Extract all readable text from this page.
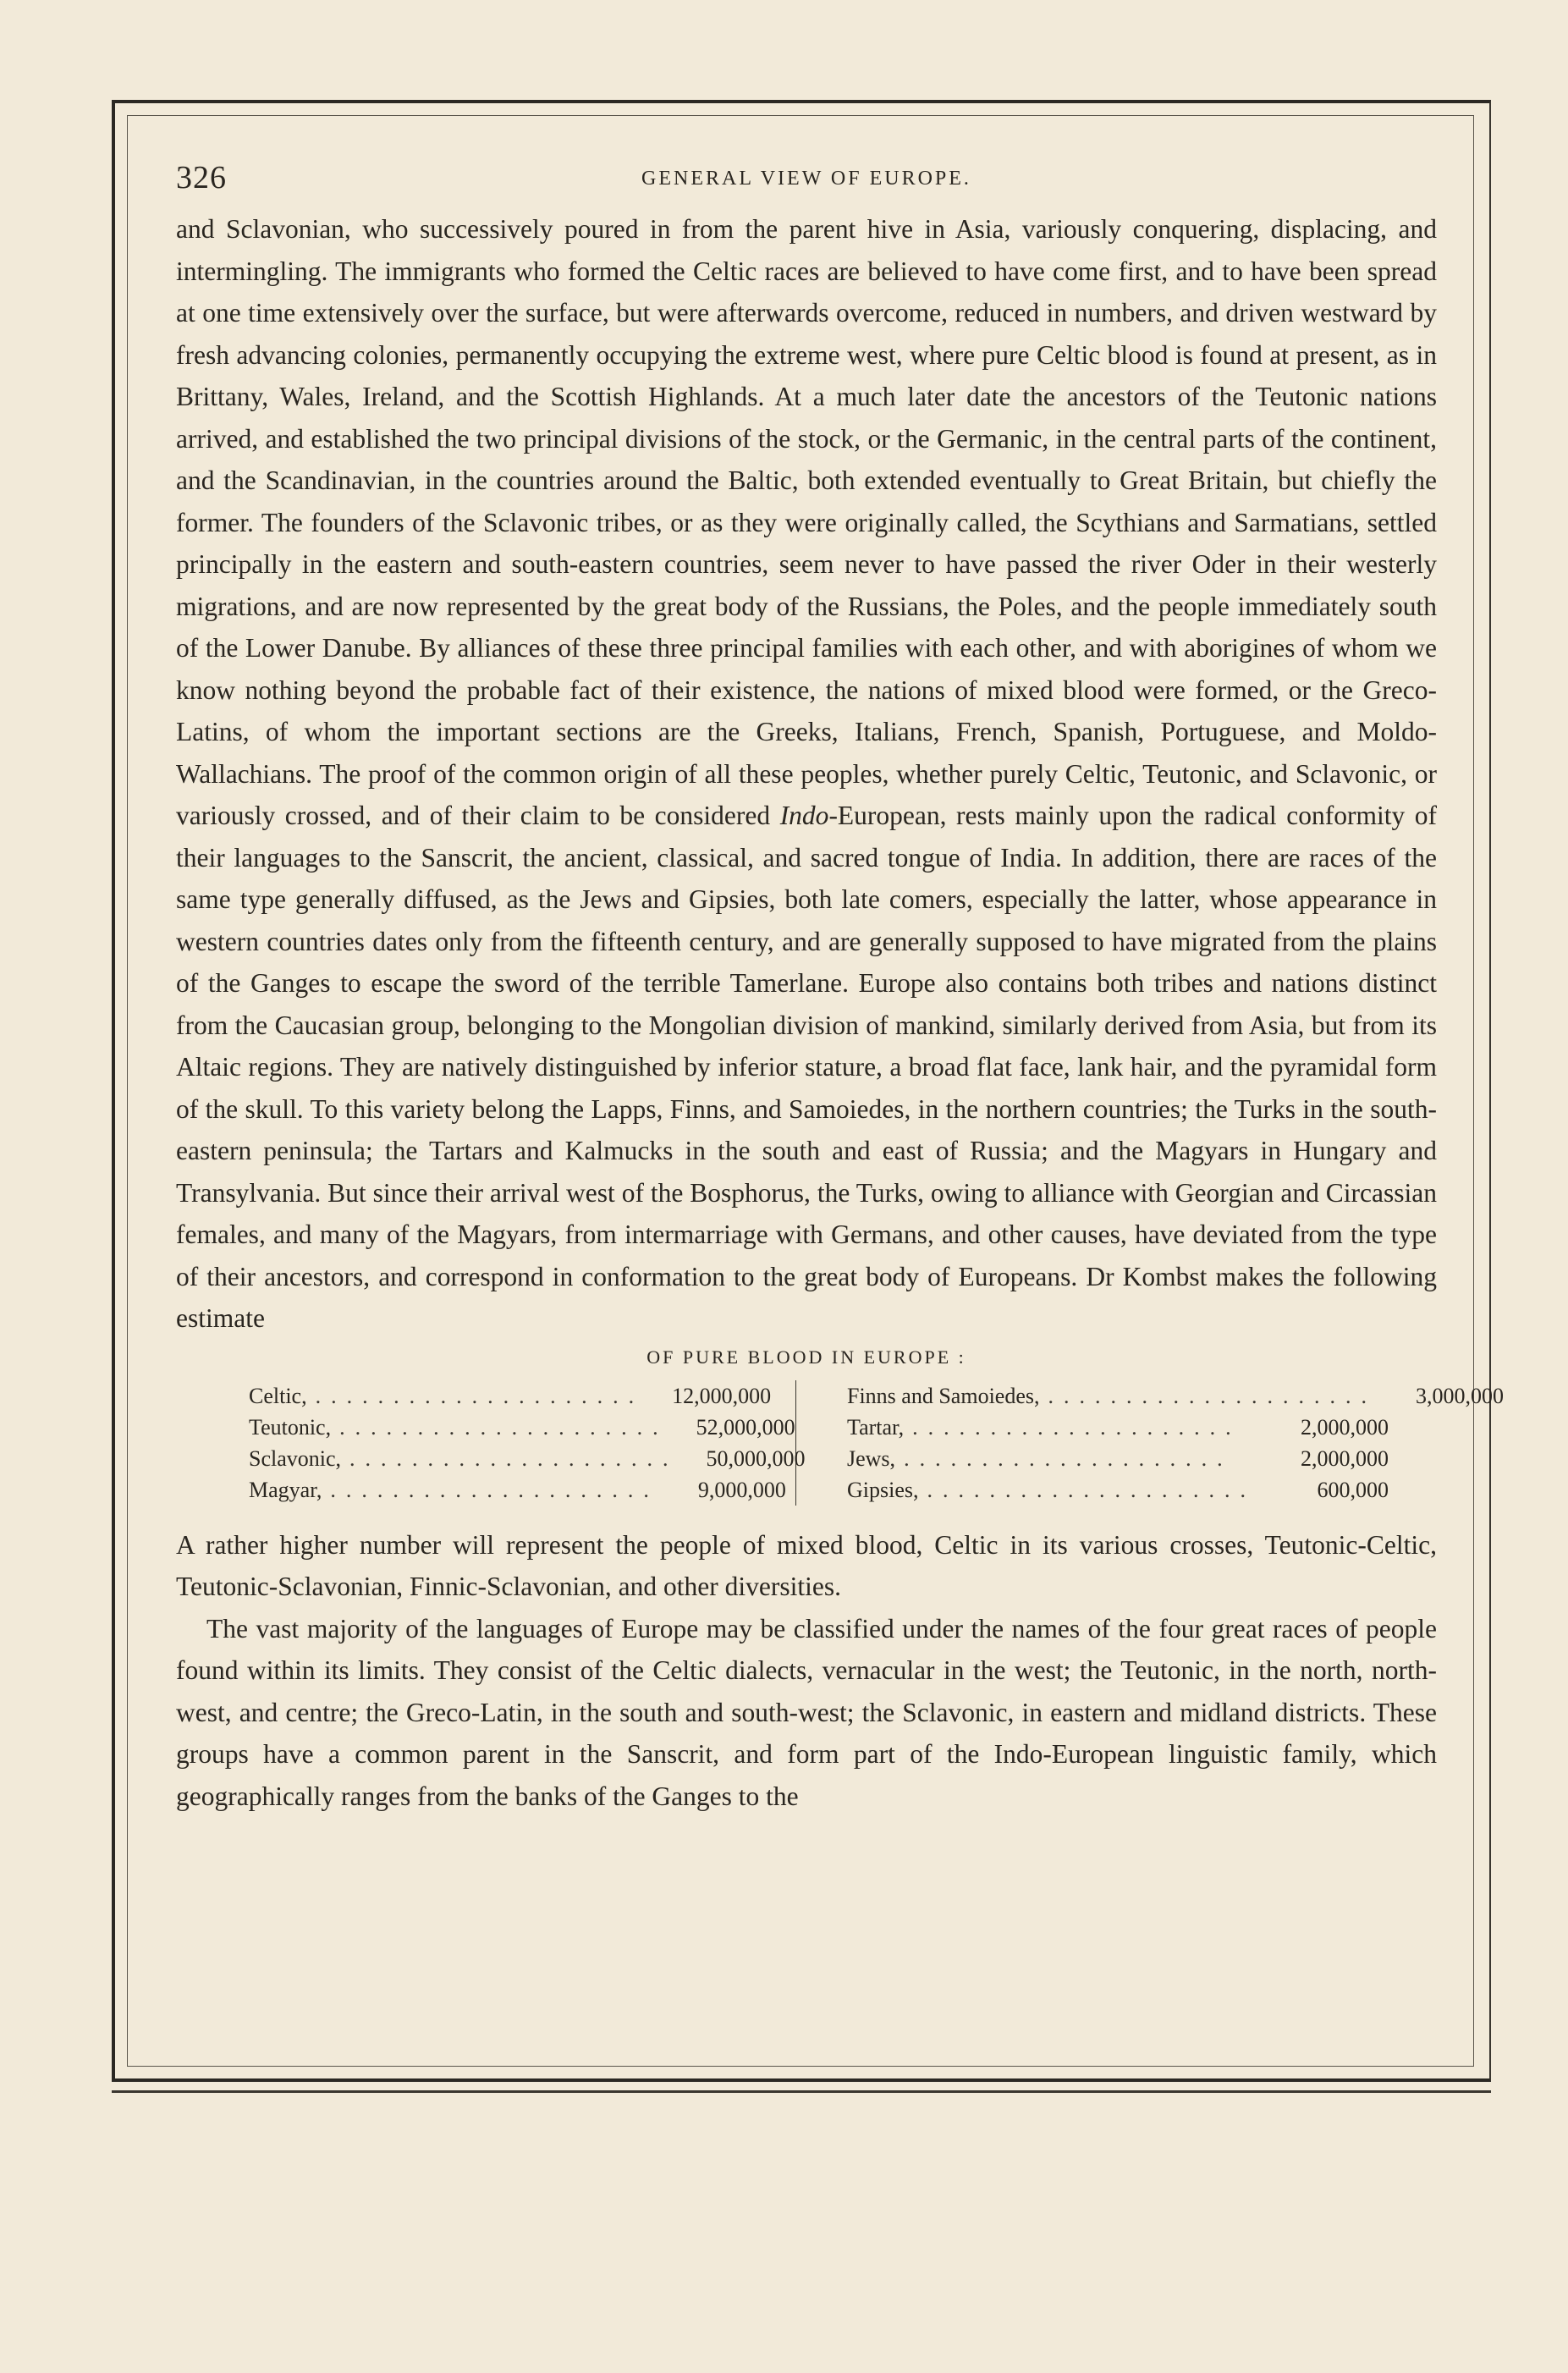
326	GENERAL VIEW OF EUROPE.

and Sclavonian, who successively poured in from the parent hive in Asia, variously conquering, displacing, and intermingling. The immigrants who formed the Celtic races are believed to have come first, and to have been spread at one time extensively over the surface, but were afterwards overcome, reduced in numbers, and driven westward by fresh advancing colonies, permanently occupying the extreme west, where pure Celtic blood is found at present, as in Brittany, Wales, Ireland, and the Scottish Highlands. At a much later date the ancestors of the Teutonic nations arrived, and established the two principal divisions of the stock, or the Germanic, in the central parts of the continent, and the Scandinavian, in the countries around the Baltic, both extended eventually to Great Britain, but chiefly the former. The founders of the Sclavonic tribes, or as they were originally called, the Scythians and Sarmatians, settled principally in the eastern and south-eastern countries, seem never to have passed the river Oder in their westerly migrations, and are now represented by the great body of the Russians, the Poles, and the people immediately south of the Lower Danube. By alliances of these three principal families with each other, and with aborigines of whom we know nothing beyond the probable fact of their existence, the nations of mixed blood were formed, or the Greco-Latins, of whom the important sections are the Greeks, Italians, French, Spanish, Portuguese, and Moldo-Wallachians. The proof of the common origin of all these peoples, whether purely Celtic, Teutonic, and Sclavonic, or variously crossed, and of their claim to be considered Indo-European, rests mainly upon the radical conformity of their languages to the Sanscrit, the ancient, classical, and sacred tongue of India. In addition, there are races of the same type generally diffused, as the Jews and Gipsies, both late comers, especially the latter, whose appearance in western countries dates only from the fifteenth century, and are generally supposed to have migrated from the plains of the Ganges to escape the sword of the terrible Tamerlane. Europe also contains both tribes and nations distinct from the Caucasian group, belonging to the Mongolian division of mankind, similarly derived from Asia, but from its Altaic regions. They are natively distinguished by inferior stature, a broad flat face, lank hair, and the pyramidal form of the skull. To this variety belong the Lapps, Finns, and Samoiedes, in the northern countries; the Turks in the south-eastern peninsula; the Tartars and Kalmucks in the south and east of Russia; and the Magyars in Hungary and Transylvania. But since their arrival west of the Bosphorus, the Turks, owing to alliance with Georgian and Circassian females, and many of the Magyars, from intermarriage with Germans, and other causes, have deviated from the type of their ancestors, and correspond in conformation to the great body of Europeans. Dr Kombst makes the following estimate

OF PURE BLOOD IN EUROPE :
Celtic, .....................	12,000,000
Teutonic, .....................	52,000,000
Sclavonic, .....................	50,000,000
Magyar, .....................	9,000,000
Finns and Samoiedes, .....................	3,000,000
Tartar, .....................	2,000,000
Jews, .....................	2,000,000
Gipsies, .....................	600,000

A rather higher number will represent the people of mixed blood, Celtic in its various crosses, Teutonic-Celtic, Teutonic-Sclavonian, Finnic-Sclavonian, and other diversities.

The vast majority of the languages of Europe may be classified under the names of the four great races of people found within its limits. They consist of the Celtic dialects, vernacular in the west; the Teutonic, in the north, north-west, and centre; the Greco-Latin, in the south and south-west; the Sclavonic, in eastern and midland districts. These groups have a common parent in the Sanscrit, and form part of the Indo-European linguistic family, which geographically ranges from the banks of the Ganges to the
